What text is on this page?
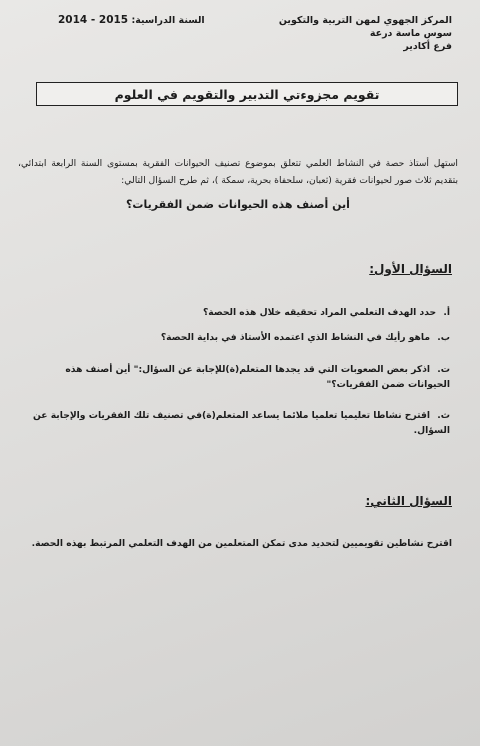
المركز الجهوي لمهن التربية والتكوين
سوس ماسة درعة
فرع أكادير
السنة الدراسية: 2014 - 2015
تقويم مجزوءتي التدبير والتقويم في العلوم
استهل أستاذ حصة في النشاط العلمي تتعلق بموضوع تصنيف الحيوانات الفقرية بمستوى السنة الرابعة ابتدائي، بتقديم ثلاث صور لحيوانات فقرية (ثعبان، سلحفاة بحرية، سمكة )، ثم طرح السؤال التالي:
أين أصنف هذه الحيوانات ضمن الفقريات؟
السؤال الأول:
أ. حدد الهدف التعلمي المراد تحقيقه خلال هذه الحصة؟
ب. ماهو رأيك في النشاط الذي اعتمده الأستاذ في بداية الحصة؟
ت. اذكر بعض الصعوبات التي قد يجدها المتعلم(ة)للإجابة عن السؤال:" أين أصنف هذه الحيوانات ضمن الفقريات؟"
ث. اقترح نشاطا تعليميا تعلميا ملائما يساعد المتعلم(ة)في تصنيف تلك الفقريات والإجابة عن السؤال.
السؤال الثاني:
اقترح نشاطين تقويميين لتحديد مدى تمكن المتعلمين من الهدف التعلمي المرتبط بهذه الحصة.
